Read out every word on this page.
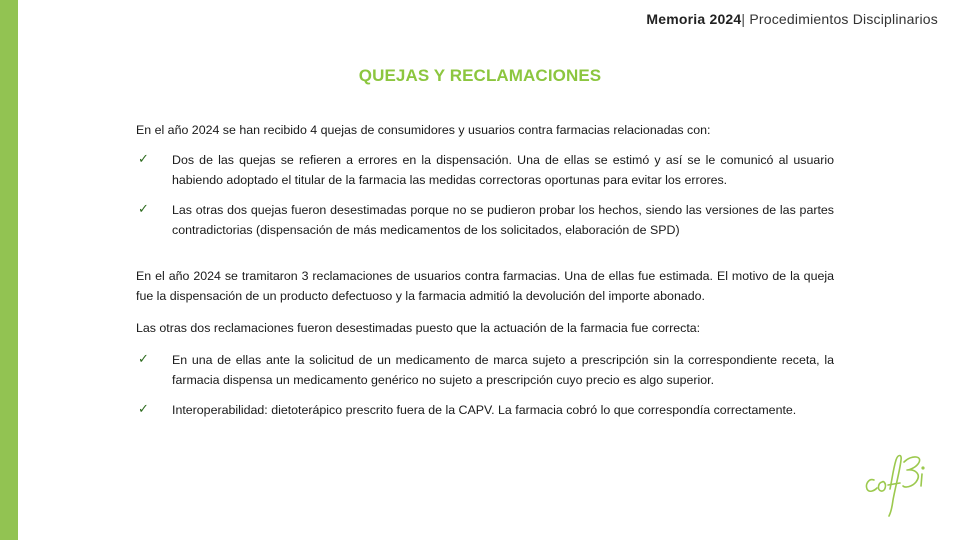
Memoria 2024| Procedimientos Disciplinarios
QUEJAS Y RECLAMACIONES

En el año 2024 se han recibido 4 quejas de consumidores y usuarios contra farmacias relacionadas con:

✓ Dos de las quejas se refieren a errores en la dispensación. Una de ellas se estimó y así se le comunicó al usuario habiendo adoptado el titular de la farmacia las medidas correctoras oportunas para evitar los errores.
✓ Las otras dos quejas fueron desestimadas porque no se pudieron probar los hechos, siendo las versiones de las partes contradictorias (dispensación de más medicamentos de los solicitados, elaboración de SPD)

En el año 2024 se tramitaron 3 reclamaciones de usuarios contra farmacias. Una de ellas fue estimada. El motivo de la queja fue la dispensación de un producto defectuoso y la farmacia admitió la devolución del importe abonado.

Las otras dos reclamaciones fueron desestimadas puesto que la actuación de la farmacia fue correcta:

✓ En una de ellas ante la solicitud de un medicamento de marca sujeto a prescripción sin la correspondiente receta, la farmacia dispensa un medicamento genérico no sujeto a prescripción cuyo precio es algo superior.
✓ Interoperabilidad: dietoterápico prescrito fuera de la CAPV. La farmacia cobró lo que correspondía correctamente.
